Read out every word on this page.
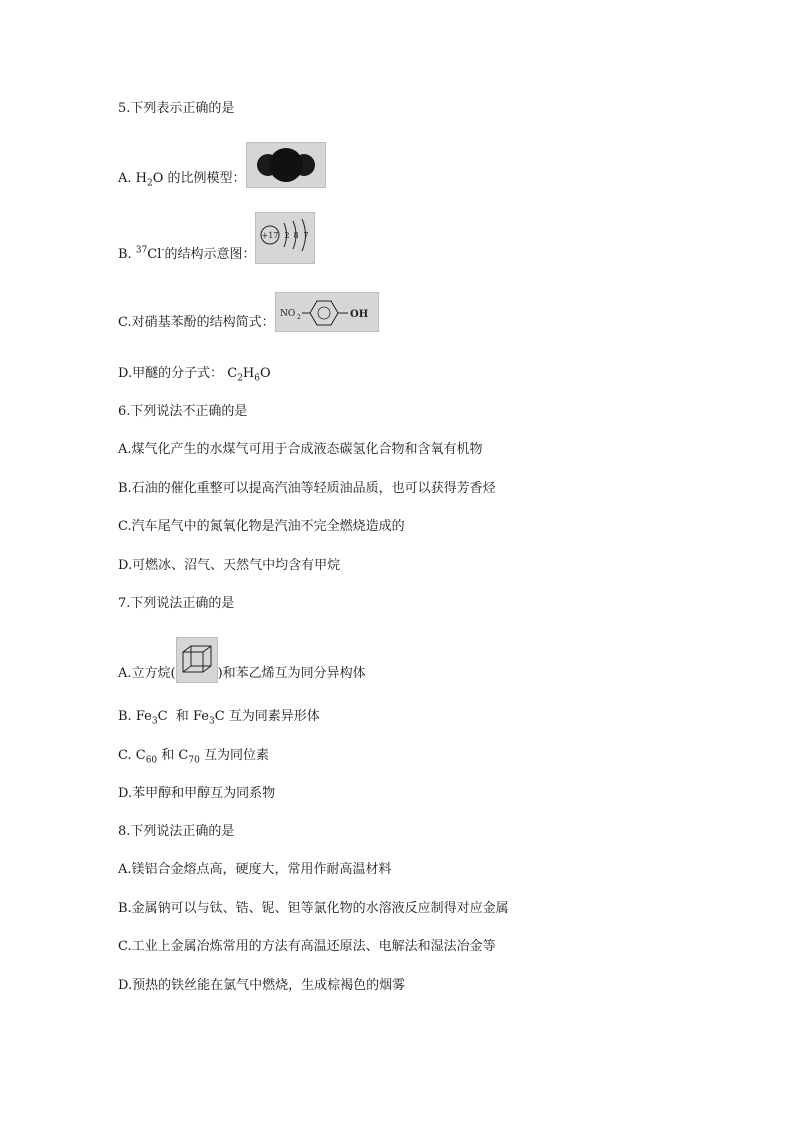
5.下列表示正确的是
A. $H_2O$ 的比例模型：
B. $^{37}$Cl-的结构示意图：
+17 2 8 7
C.对硝基苯酚的结构简式：
NO 2	OH
D.甲醚的分子式： $C_2H_6O$
6.下列说法不正确的是
A.煤气化产生的水煤气可用于合成液态碳氢化合物和含氧有机物
B.石油的催化重整可以提高汽油等轻质油品质，也可以获得芳香烃
C.汽车尾气中的氮氧化物是汽油不完全燃烧造成的
D.可燃冰、沼气、天然气中均含有甲烷
7.下列说法正确的是
A.立方烷(	)和苯乙烯互为同分异构体
B. $Fe_3C$  和 $Fe_3C$ 互为同素异形体
C. $C_{60}$ 和 $C_{70}$ 互为同位素
D.苯甲醇和甲醇互为同系物
8.下列说法正确的是
A.镁铝合金熔点高，硬度大，常用作耐高温材料
B.金属钠可以与钛、锆、铌、钽等氯化物的水溶液反应制得对应金属
C.工业上金属冶炼常用的方法有高温还原法、电解法和湿法冶金等
D.预热的铁丝能在氯气中燃烧，生成棕褐色的烟雾
